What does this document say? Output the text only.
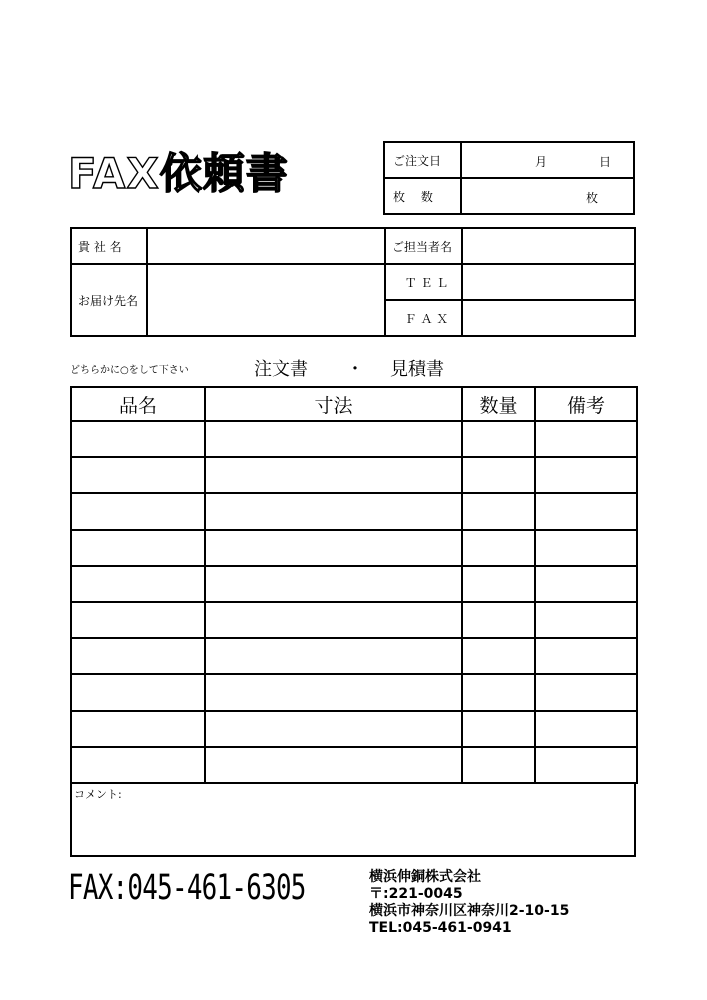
FAX依頼書	ご注文日	月 日

枚　 数	枚
貴 社 名		ご担当者名	
お届け先名		Ｔ Ｅ Ｌ	
		Ｆ Ａ Ｘ	
どちらかに○をして下さい	注文書 ・ 見積書
品名	寸法	数量	備考

コメント:
FAX:045-461-6305	横浜伸銅株式会社
〒:221-0045
横浜市神奈川区神奈川2-10-15
TEL:045-461-0941
